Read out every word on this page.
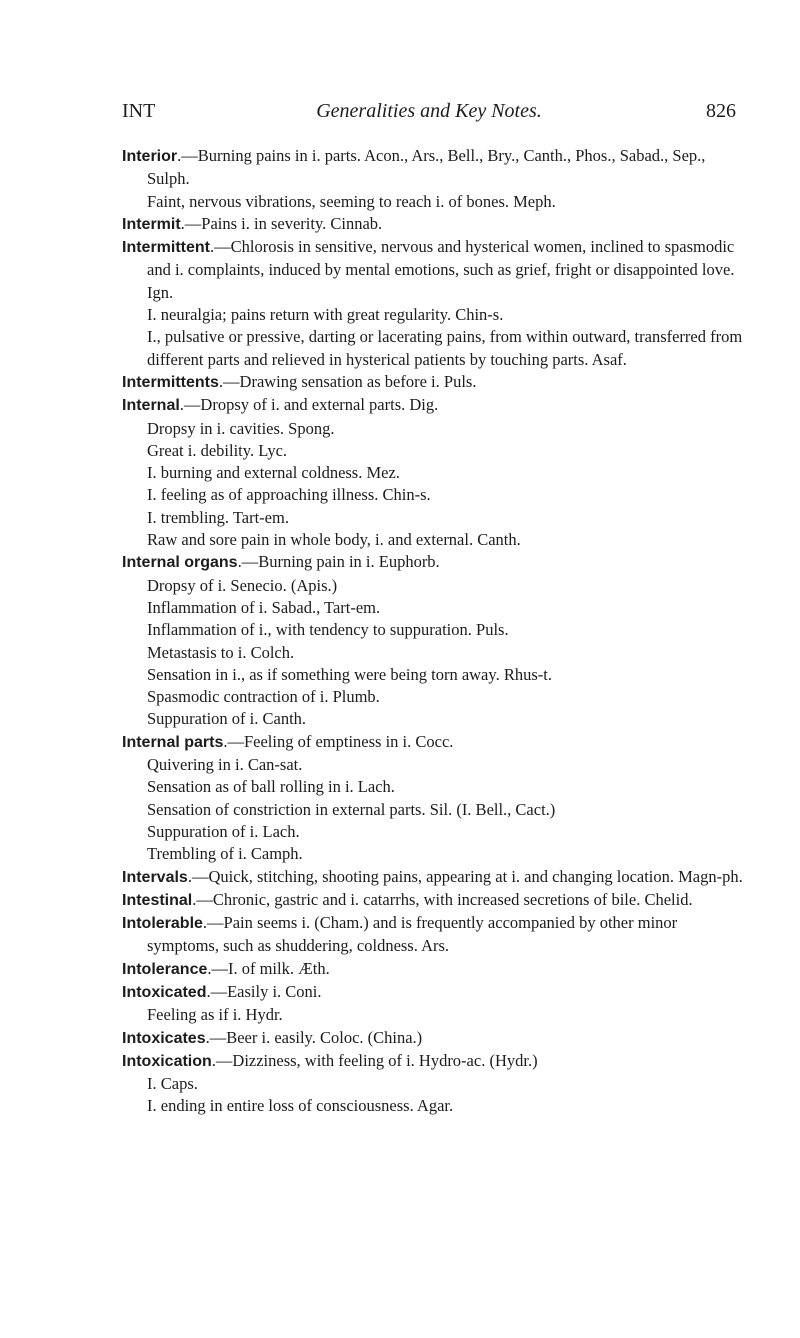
INT	Generalities and Key Notes.	826

Interior.—Burning pains in i. parts. Acon., Ars., Bell., Bry., Canth., Phos., Sabad., Sep., Sulph.

Faint, nervous vibrations, seeming to reach i. of bones. Meph.

Intermit.—Pains i. in severity. Cinnab.

Intermittent.—Chlorosis in sensitive, nervous and hysterical women, inclined to spasmodic and i. complaints, induced by mental emotions, such as grief, fright or disappointed love. Ign.

I. neuralgia; pains return with great regularity. Chin-s.

I., pulsative or pressive, darting or lacerating pains, from within outward, transferred from different parts and relieved in hysterical patients by touching parts. Asaf.

Intermittents.—Drawing sensation as before i. Puls.

Internal.—Dropsy of i. and external parts. Dig.

Dropsy in i. cavities. Spong.

Great i. debility. Lyc.

I. burning and external coldness. Mez.

I. feeling as of approaching illness. Chin-s.

I. trembling. Tart-em.

Raw and sore pain in whole body, i. and external. Canth.

Internal organs.—Burning pain in i. Euphorb.

Dropsy of i. Senecio. (Apis.)

Inflammation of i. Sabad., Tart-em.

Inflammation of i., with tendency to suppuration. Puls.

Metastasis to i. Colch.

Sensation in i., as if something were being torn away. Rhus-t.

Spasmodic contraction of i. Plumb.

Suppuration of i. Canth.

Internal parts.—Feeling of emptiness in i. Cocc.

Quivering in i. Can-sat.

Sensation as of ball rolling in i. Lach.

Sensation of constriction in external parts. Sil. (I. Bell., Cact.)

Suppuration of i. Lach.

Trembling of i. Camph.

Intervals.—Quick, stitching, shooting pains, appearing at i. and changing location. Magn-ph.

Intestinal.—Chronic, gastric and i. catarrhs, with increased secretions of bile. Chelid.

Intolerable.—Pain seems i. (Cham.) and is frequently accompanied by other minor symptoms, such as shuddering, coldness. Ars.

Intolerance.—I. of milk. Æth.

Intoxicated.—Easily i. Coni.

Feeling as if i. Hydr.

Intoxicates.—Beer i. easily. Coloc. (China.)

Intoxication.—Dizziness, with feeling of i. Hydro-ac. (Hydr.)

I. Caps.

I. ending in entire loss of consciousness. Agar.
